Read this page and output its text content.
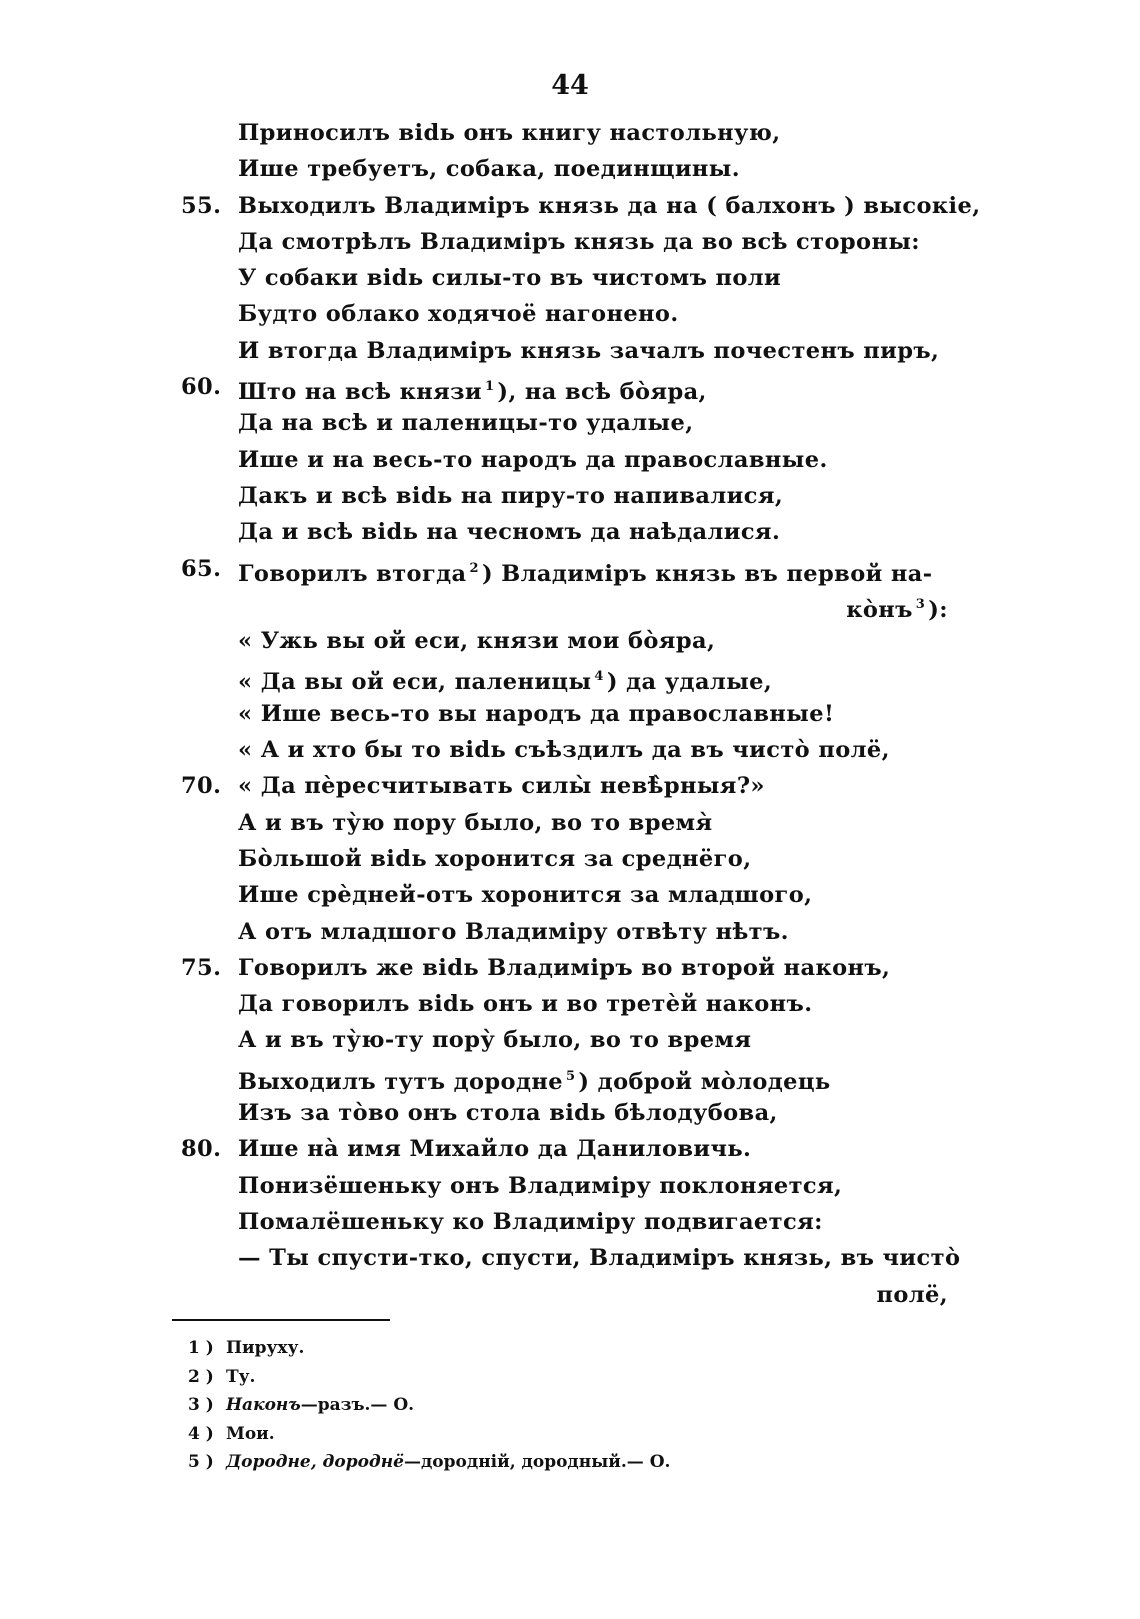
44
Приносилъ вidь онъ книгу настольную,
Ише требуетъ, собака, поединщины.
55. Выходилъ Владимiръ князь да на ( балхонъ ) высокiе,
Да смотрѣлъ Владимiръ князь да во всѣ стороны:
У собаки вidь силы-то въ чистомъ поли
Будто облако ходячоё нагонено.
И втогда Владимiръ князь зачалъ почестенъ пиръ,
60. Што на всѣ князи $^1$ ), на всѣ бо̀яра,
Да на всѣ и паленицы-то удалые,
Ише и на весь-то народъ да православные.
Дакъ и всѣ вidь на пиру-то напивалися,
Да и всѣ вidь на чесномъ да наѣдалися.
65. Говорилъ втогда $^2$ ) Владимiръ князь въ первой на-
ко̀нъ $^3$ ):
« Ужь вы ой еси, князи мои бо̀яра,
« Да вы ой еси, паленицы $^4$ ) да удалые,
« Ише весь-то вы народъ да православные!
« А и хто бы то вidь съѣздилъ да въ чисто̀ полё,
70. « Да пѐресчитывать силы̀ невѣ̀рныя?»
А и въ ту̀ю пору было, во то время̀
Бо̀льшой вidь хоронится за среднёго,
Ише срѐдней-отъ хоронится за младшого,
А отъ младшого Владимiру отвѣту нѣтъ.
75. Говорилъ же вidь Владимiръ во второй наконъ,
Да говорилъ вidь онъ и во третѐй наконъ.
А и въ ту̀ю-ту пору̀ было, во то время
Выходилъ тутъ дородне $^5$ ) доброй мо̀лодець
Изъ за то̀во онъ стола вidь бѣлодубова,
80. Ише на̀ имя Михайло да Даниловичь.
Понизёшеньку онъ Владимiру поклоняется,
Помалёшеньку ко Владимiру подвигается:
— Ты спусти-тко, спусти, Владимiръ князь, въ чисто̀
полё,
1 ) Пируху.
2 ) Ту.
3 ) Наконъ—разъ.— О.
4 ) Мои.
5 ) Дородне, дороднё—дороднiй, дородный.— О.
